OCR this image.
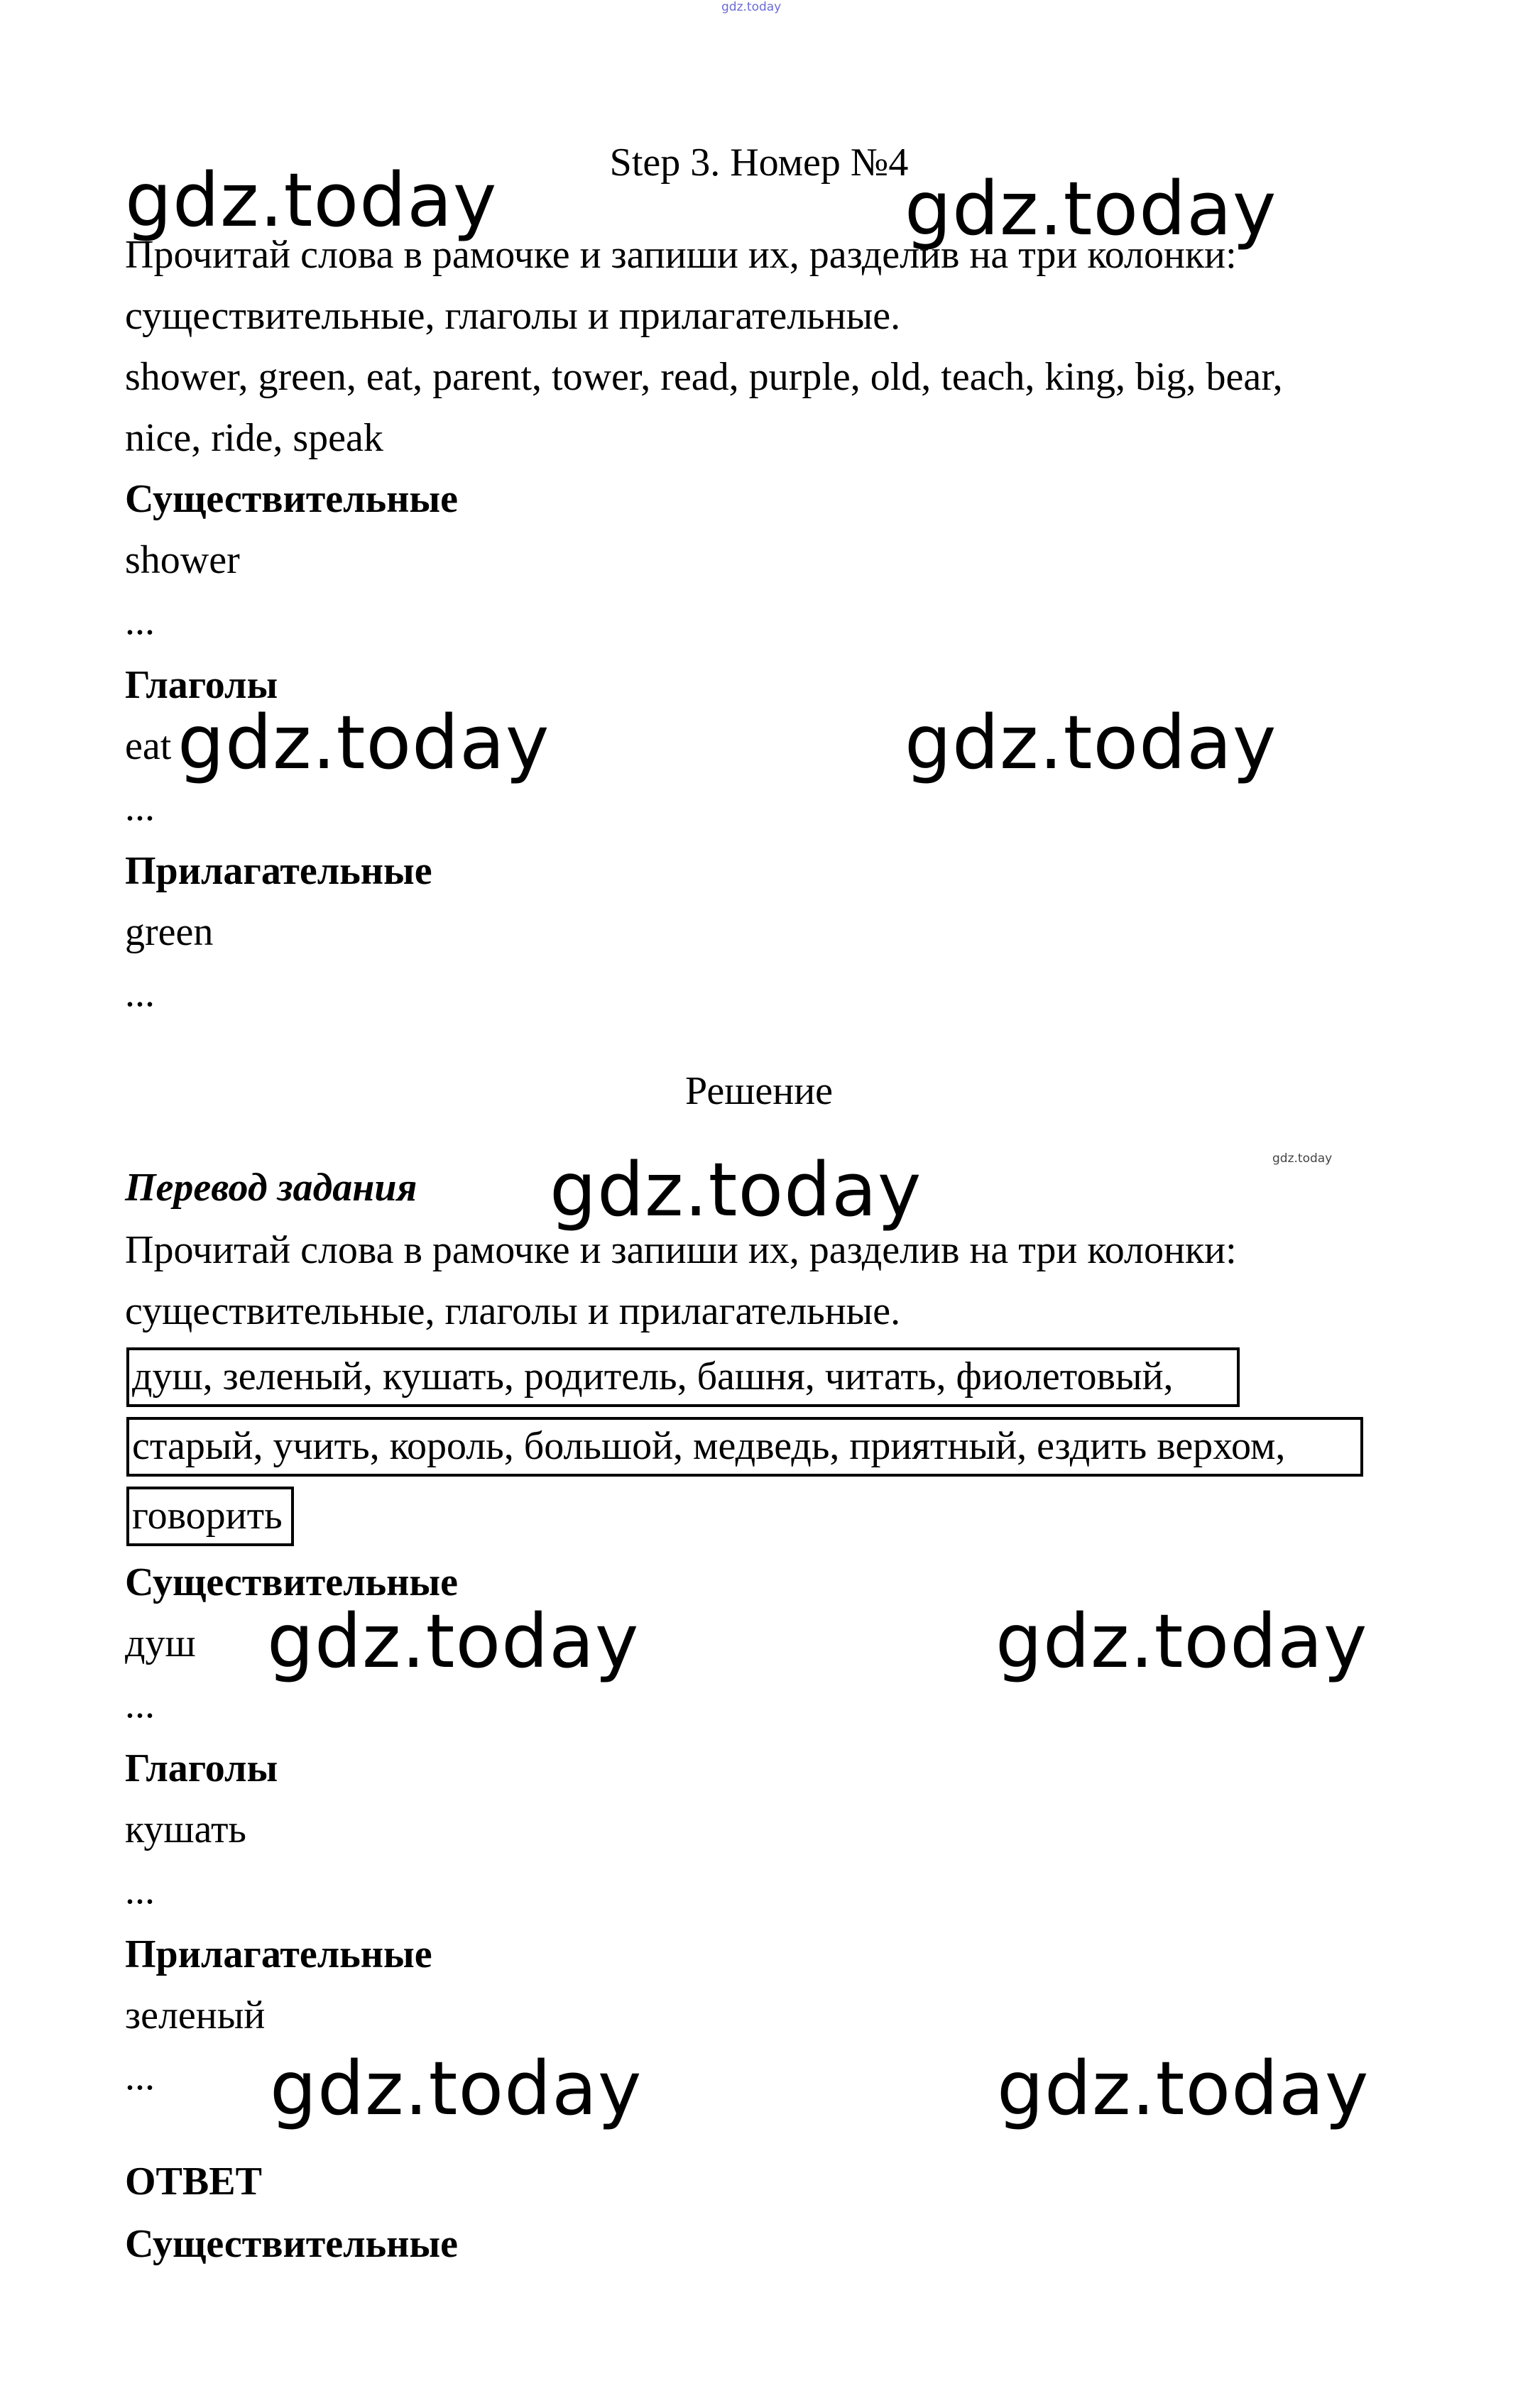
gdz.today
Step 3. Номер №4
Прочитай слова в рамочке и запиши их, разделив на три колонки:
существительные, глаголы и прилагательные.
shower, green, eat, parent, tower, read, purple, old, teach, king, big, bear,
nice, ride, speak
Существительные
shower
...
Глаголы
eat
...
Прилагательные
green
...
Решение
Перевод задания
Прочитай слова в рамочке и запиши их, разделив на три колонки:
существительные, глаголы и прилагательные.
душ, зеленый, кушать, родитель, башня, читать, фиолетовый,
старый, учить, король, большой, медведь, приятный, ездить верхом,
говорить
Существительные
душ
...
Глаголы
кушать
...
Прилагательные
зеленый
...
ОТВЕТ
Существительные
gdz.today	gdz.today
gdz.today	gdz.today
gdz.today	gdz.today
gdz.today	gdz.today
gdz.today	gdz.today
